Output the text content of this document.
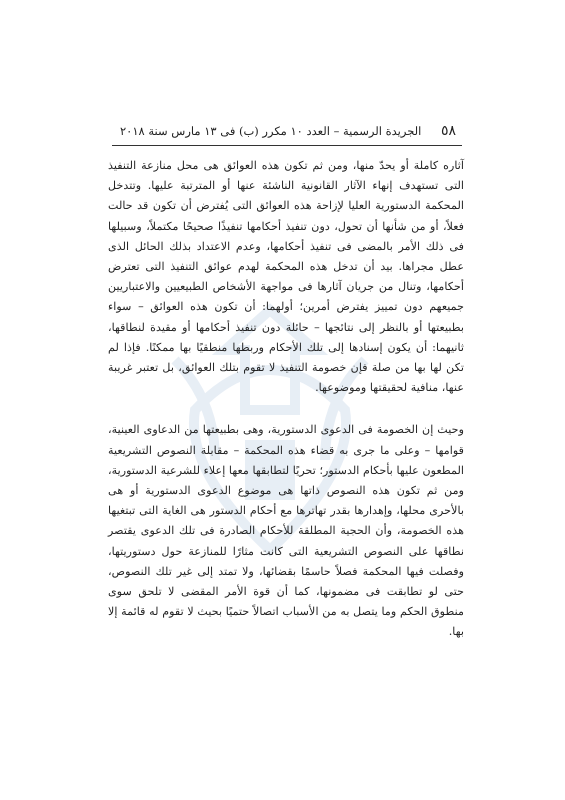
٥٨
الجريدة الرسمية – العدد ١٠ مكرر (ب) فى ١٣ مارس سنة ٢٠١٨

آثاره كاملة أو يحدّ منها، ومن ثم تكون هذه العوائق هى محل منازعة التنفيذ التى تستهدف إنهاء الآثار القانونية الناشئة عنها أو المترتبة عليها. وتتدخل المحكمة الدستورية العليا لإزاحة هذه العوائق التى يُفترض أن تكون قد حالت فعلاً، أو من شأنها أن تحول، دون تنفيذ أحكامها تنفيذًا صحيحًا مكتملاً، وسبيلها فى ذلك الأمر بالمضى فى تنفيذ أحكامها، وعدم الاعتداد بذلك الحائل الذى عطل مجراها. بيد أن تدخل هذه المحكمة لهدم عوائق التنفيذ التى تعترض أحكامها، وتنال من جريان آثارها فى مواجهة الأشخاص الطبيعيين والاعتباريين جميعهم دون تمييز يفترض أمرين؛ أولهما: أن تكون هذه العوائق – سواء بطبيعتها أو بالنظر إلى نتائجها – حائلة دون تنفيذ أحكامها أو مقيدة لنطاقها، ثانيهما: أن يكون إسنادها إلى تلك الأحكام وربطها منطقيًا بها ممكنًا. فإذا لم تكن لها بها من صلة فإن خصومة التنفيذ لا تقوم بتلك العوائق، بل تعتبر غريبة عنها، منافية لحقيقتها وموضوعها.

وحيث إن الخصومة فى الدعوى الدستورية، وهى بطبيعتها من الدعاوى العينية، قوامها – وعلى ما جرى به قضاء هذه المحكمة – مقابلة النصوص التشريعية المطعون عليها بأحكام الدستور؛ تحريًا لتطابقها معها إعلاء للشرعية الدستورية، ومن ثم تكون هذه النصوص ذاتها هى موضوع الدعوى الدستورية أو هى بالأحرى محلها، وإهدارها بقدر تهاترها مع أحكام الدستور هى الغاية التى تبتغيها هذه الخصومة، وأن الحجية المطلقة للأحكام الصادرة فى تلك الدعوى يقتصر نطاقها على النصوص التشريعية التى كانت مثارًا للمنازعة حول دستوريتها، وفصلت فيها المحكمة فصلاً حاسمًا بقضائها، ولا تمتد إلى غير تلك النصوص، حتى لو تطابقت فى مضمونها، كما أن قوة الأمر المقضى لا تلحق سوى منطوق الحكم وما يتصل به من الأسباب اتصالاً حتميًا بحيث لا تقوم له قائمة إلا بها.
